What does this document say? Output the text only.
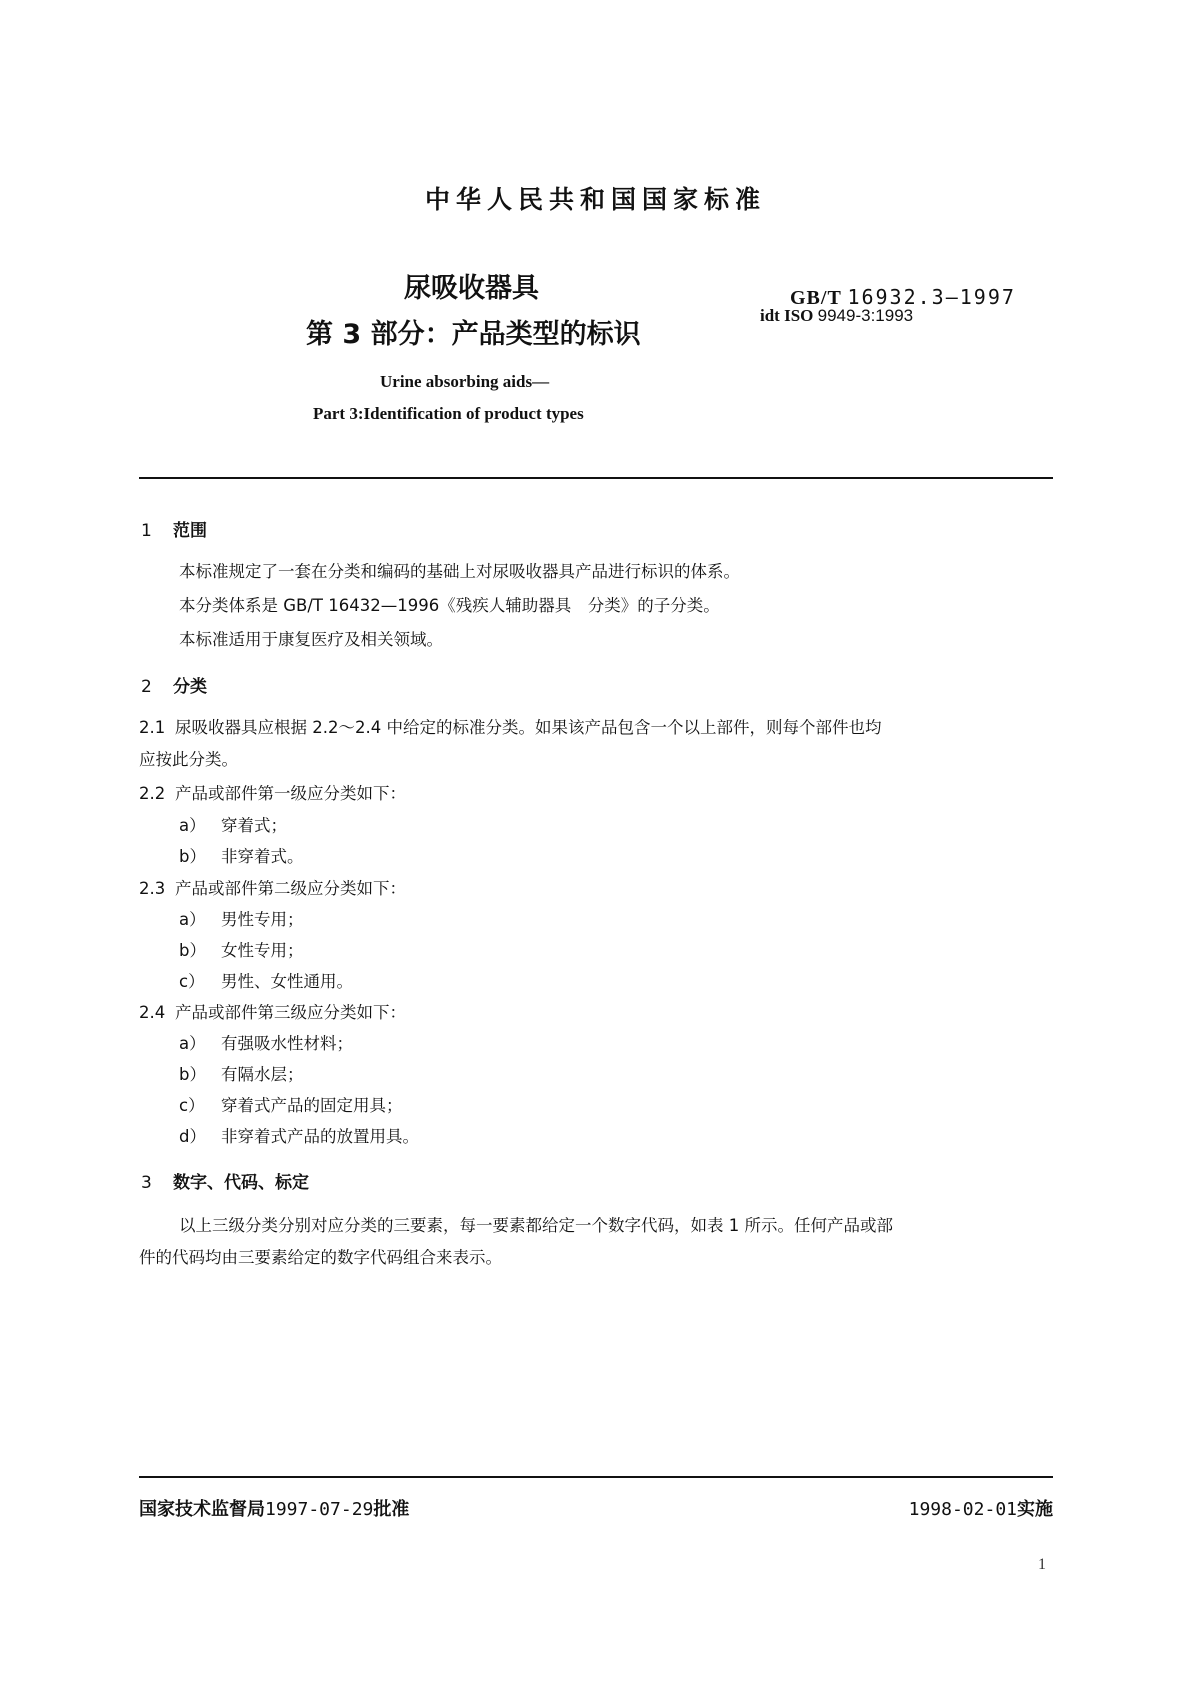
中华人民共和国国家标准
尿吸收器具
第 3 部分：产品类型的标识
GB/T 16932.3—1997
idt ISO 9949-3:1993
Urine absorbing aids—
Part 3:Identification of product types
1 范围
本标准规定了一套在分类和编码的基础上对尿吸收器具产品进行标识的体系。
本分类体系是 GB/T 16432—1996《残疾人辅助器具　分类》的子分类。
本标准适用于康复医疗及相关领域。
2 分类
2.1 尿吸收器具应根据 2.2～2.4 中给定的标准分类。如果该产品包含一个以上部件，则每个部件也均
应按此分类。
2.2 产品或部件第一级应分类如下：
a） 穿着式；
b） 非穿着式。
2.3 产品或部件第二级应分类如下：
a） 男性专用；
b） 女性专用；
c） 男性、女性通用。
2.4 产品或部件第三级应分类如下：
a） 有强吸水性材料；
b） 有隔水层；
c） 穿着式产品的固定用具；
d） 非穿着式产品的放置用具。
3 数字、代码、标定
以上三级分类分别对应分类的三要素，每一要素都给定一个数字代码，如表 1 所示。任何产品或部
件的代码均由三要素给定的数字代码组合来表示。
国家技术监督局1997-07-29批准	1998-02-01实施
1
